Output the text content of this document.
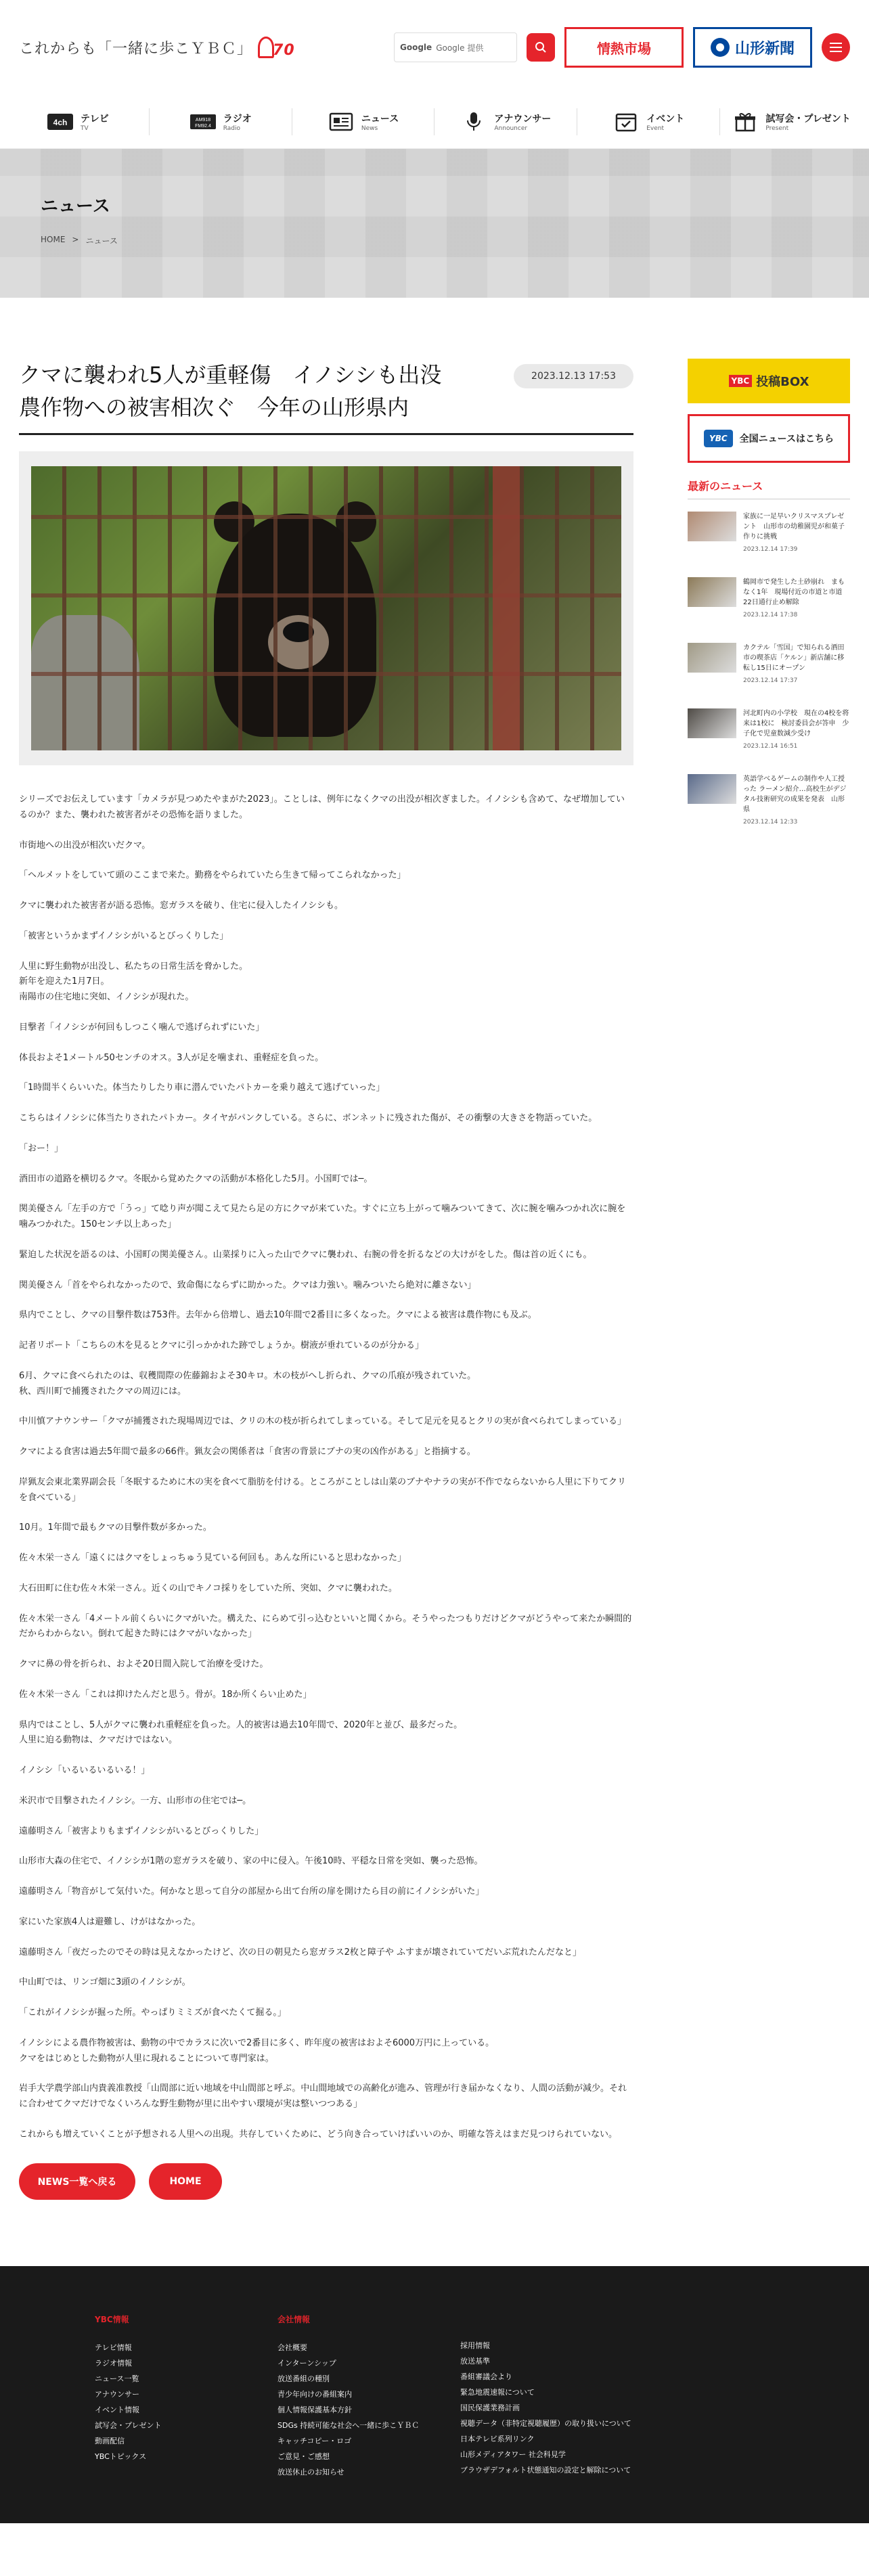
これからも「一緒に歩こＹＢＣ」 70	Google Google 提供	情熱市場	山形新聞
4ch テレビ
TV
AM918
FM92.4
ラジオ
Radio
ニュース
News
アナウンサー
Announcer
イベント
Event
試写会・プレゼント
Present
ニュース
HOME > ニュース
クマに襲われ5人が重軽傷　イノシシも出没
農作物への被害相次ぐ　今年の山形県内
2023.12.13 17:53

シリーズでお伝えしています「カメラが見つめたやまがた2023」。ことしは、例年になくクマの出没が相次ぎました。イノシシも含めて、なぜ増加しているのか？また、襲われた被害者がその恐怖を語りました。

市街地への出没が相次いだクマ。

「ヘルメットをしていて頭のここまで来た。勤務をやられていたら生きて帰ってこられなかった」

クマに襲われた被害者が語る恐怖。窓ガラスを破り、住宅に侵入したイノシシも。

「被害というかまずイノシシがいるとびっくりした」

人里に野生動物が出没し、私たちの日常生活を脅かした。
新年を迎えた1月7日。
南陽市の住宅地に突如、イノシシが現れた。

目撃者「イノシシが何回もしつこく噛んで逃げられずにいた」

体長およそ1メートル50センチのオス。3人が足を噛まれ、重軽症を負った。

「1時間半くらいいた。体当たりしたり車に潜んでいたパトカーを乗り越えて逃げていった」

こちらはイノシシに体当たりされたパトカー。タイヤがパンクしている。さらに、ボンネットに残された傷が、その衝撃の大きさを物語っていた。

「おー！」

酒田市の道路を横切るクマ。冬眠から覚めたクマの活動が本格化した5月。小国町では─。

関美優さん「左手の方で「うっ」て唸り声が聞こえて見たら足の方にクマが来ていた。すぐに立ち上がって噛みついてきて、次に腕を噛みつかれ次に腕を噛みつかれた。150センチ以上あった」

緊迫した状況を語るのは、小国町の関美優さん。山菜採りに入った山でクマに襲われ、右腕の骨を折るなどの大けがをした。傷は首の近くにも。

関美優さん「首をやられなかったので、致命傷にならずに助かった。クマは力強い。噛みついたら絶対に離さない」

県内でことし、クマの目撃件数は753件。去年から倍増し、過去10年間で2番目に多くなった。クマによる被害は農作物にも及ぶ。

記者リポート「こちらの木を見るとクマに引っかかれた跡でしょうか。樹液が垂れているのが分かる」

6月、クマに食べられたのは、収穫間際の佐藤錦およそ30キロ。木の枝がへし折られ、クマの爪痕が残されていた。
秋、西川町で捕獲されたクマの周辺には。

中川慎アナウンサー「クマが捕獲された現場周辺では、クリの木の枝が折られてしまっている。そして足元を見るとクリの実が食べられてしまっている」

クマによる食害は過去5年間で最多の66件。猟友会の関係者は「食害の背景にブナの実の凶作がある」と指摘する。

岸猟友会東北業界副会長「冬眠するために木の実を食べて脂肪を付ける。ところがことしは山菜のブナやナラの実が不作でならないから人里に下りてクリを食べている」

10月。1年間で最もクマの目撃件数が多かった。

佐々木栄一さん「遠くにはクマをしょっちゅう見ている何回も。あんな所にいると思わなかった」

大石田町に住む佐々木栄一さん。近くの山でキノコ採りをしていた所、突如、クマに襲われた。

佐々木栄一さん「4メートル前くらいにクマがいた。構えた、にらめて引っ込むといいと聞くから。そうやったつもりだけどクマがどうやって来たか瞬間的だからわからない。倒れて起きた時にはクマがいなかった」

クマに鼻の骨を折られ、およそ20日間入院して治療を受けた。

佐々木栄一さん「これは抑けたんだと思う。骨が。18か所くらい止めた」

県内ではことし、5人がクマに襲われ重軽症を負った。人的被害は過去10年間で、2020年と並び、最多だった。
人里に迫る動物は、クマだけではない。

イノシシ「いるいるいるいる！」

米沢市で目撃されたイノシシ。一方、山形市の住宅では─。

遠藤明さん「被害よりもまずイノシシがいるとびっくりした」

山形市大森の住宅で、イノシシが1階の窓ガラスを破り、家の中に侵入。午後10時、平穏な日常を突如、襲った恐怖。

遠藤明さん「物音がして気付いた。何かなと思って自分の部屋から出て台所の扉を開けたら目の前にイノシシがいた」

家にいた家族4人は避難し、けがはなかった。

遠藤明さん「夜だったのでその時は見えなかったけど、次の日の朝見たら窓ガラス2枚と障子や ふすまが壊されていてだいぶ荒れたんだなと」

中山町では、リンゴ畑に3頭のイノシシが。

「これがイノシシが掘った所。やっぱりミミズが食べたくて掘る。」

イノシシによる農作物被害は、動物の中でカラスに次いで2番目に多く、昨年度の被害はおよそ6000万円に上っている。
クマをはじめとした動物が人里に現れることについて専門家は。

岩手大学農学部山内貴義准教授「山間部に近い地域を中山間部と呼ぶ。中山間地域での高齢化が進み、管理が行き届かなくなり、人間の活動が減少。それに合わせてクマだけでなくいろんな野生動物が里に出やすい環境が実は整いつつある」

これからも増えていくことが予想される人里への出現。共存していくために、どう向き合っていけばいいのか、明確な答えはまだ見つけられていない。

NEWS一覧へ戻る	HOME
YBC 投稿BOX
YBC	全国ニュースはこちら
最新のニュース
家族に一足早いクリスマスプレゼント　山形市の幼稚園児が和菓子作りに挑戦
2023.12.14 17:39
鶴岡市で発生した土砂崩れ　まもなく1年　現場付近の市道と市道　22日通行止め解除
2023.12.14 17:38
カクテル「雪国」で知られる酒田市の喫茶店「ケルン」新店舗に移転し15日にオープン
2023.12.14 17:37
河北町内の小学校　現在の4校を将来は1校に　検討委員会が答申　少子化で児童数減少受け
2023.12.14 16:51
英語学べるゲームの制作や人工授った ラーメン紹介…高校生がデジタル技術研究の成果を発表　山形県
2023.12.14 12:33
YBC情報
テレビ情報
ラジオ情報
ニュース一覧
アナウンサー
イベント情報
試写会・プレゼント
動画配信
YBCトピックス
会社情報
会社概要
インターンシップ
放送番組の種別
青少年向けの番組案内
個人情報保護基本方針
SDGs 持続可能な社会へ一緒に歩こＹＢＣ
キャッチコピー・ロゴ
ご意見・ご感想
放送休止のお知らせ

採用情報
放送基準
番組審議会より
緊急地震速報について
国民保護業務計画
視聴データ（非特定視聴履歴）の取り扱いについて
日本テレビ系列リンク
山形メディアタワー 社会科見学
ブラウザデフォルト状態通知の設定と解除について
